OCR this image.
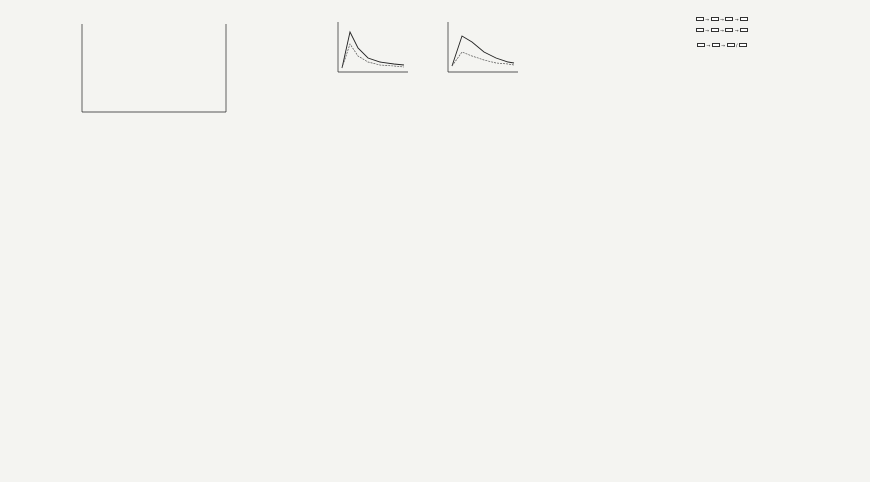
→  →  →

→  →  →

→  →  /
